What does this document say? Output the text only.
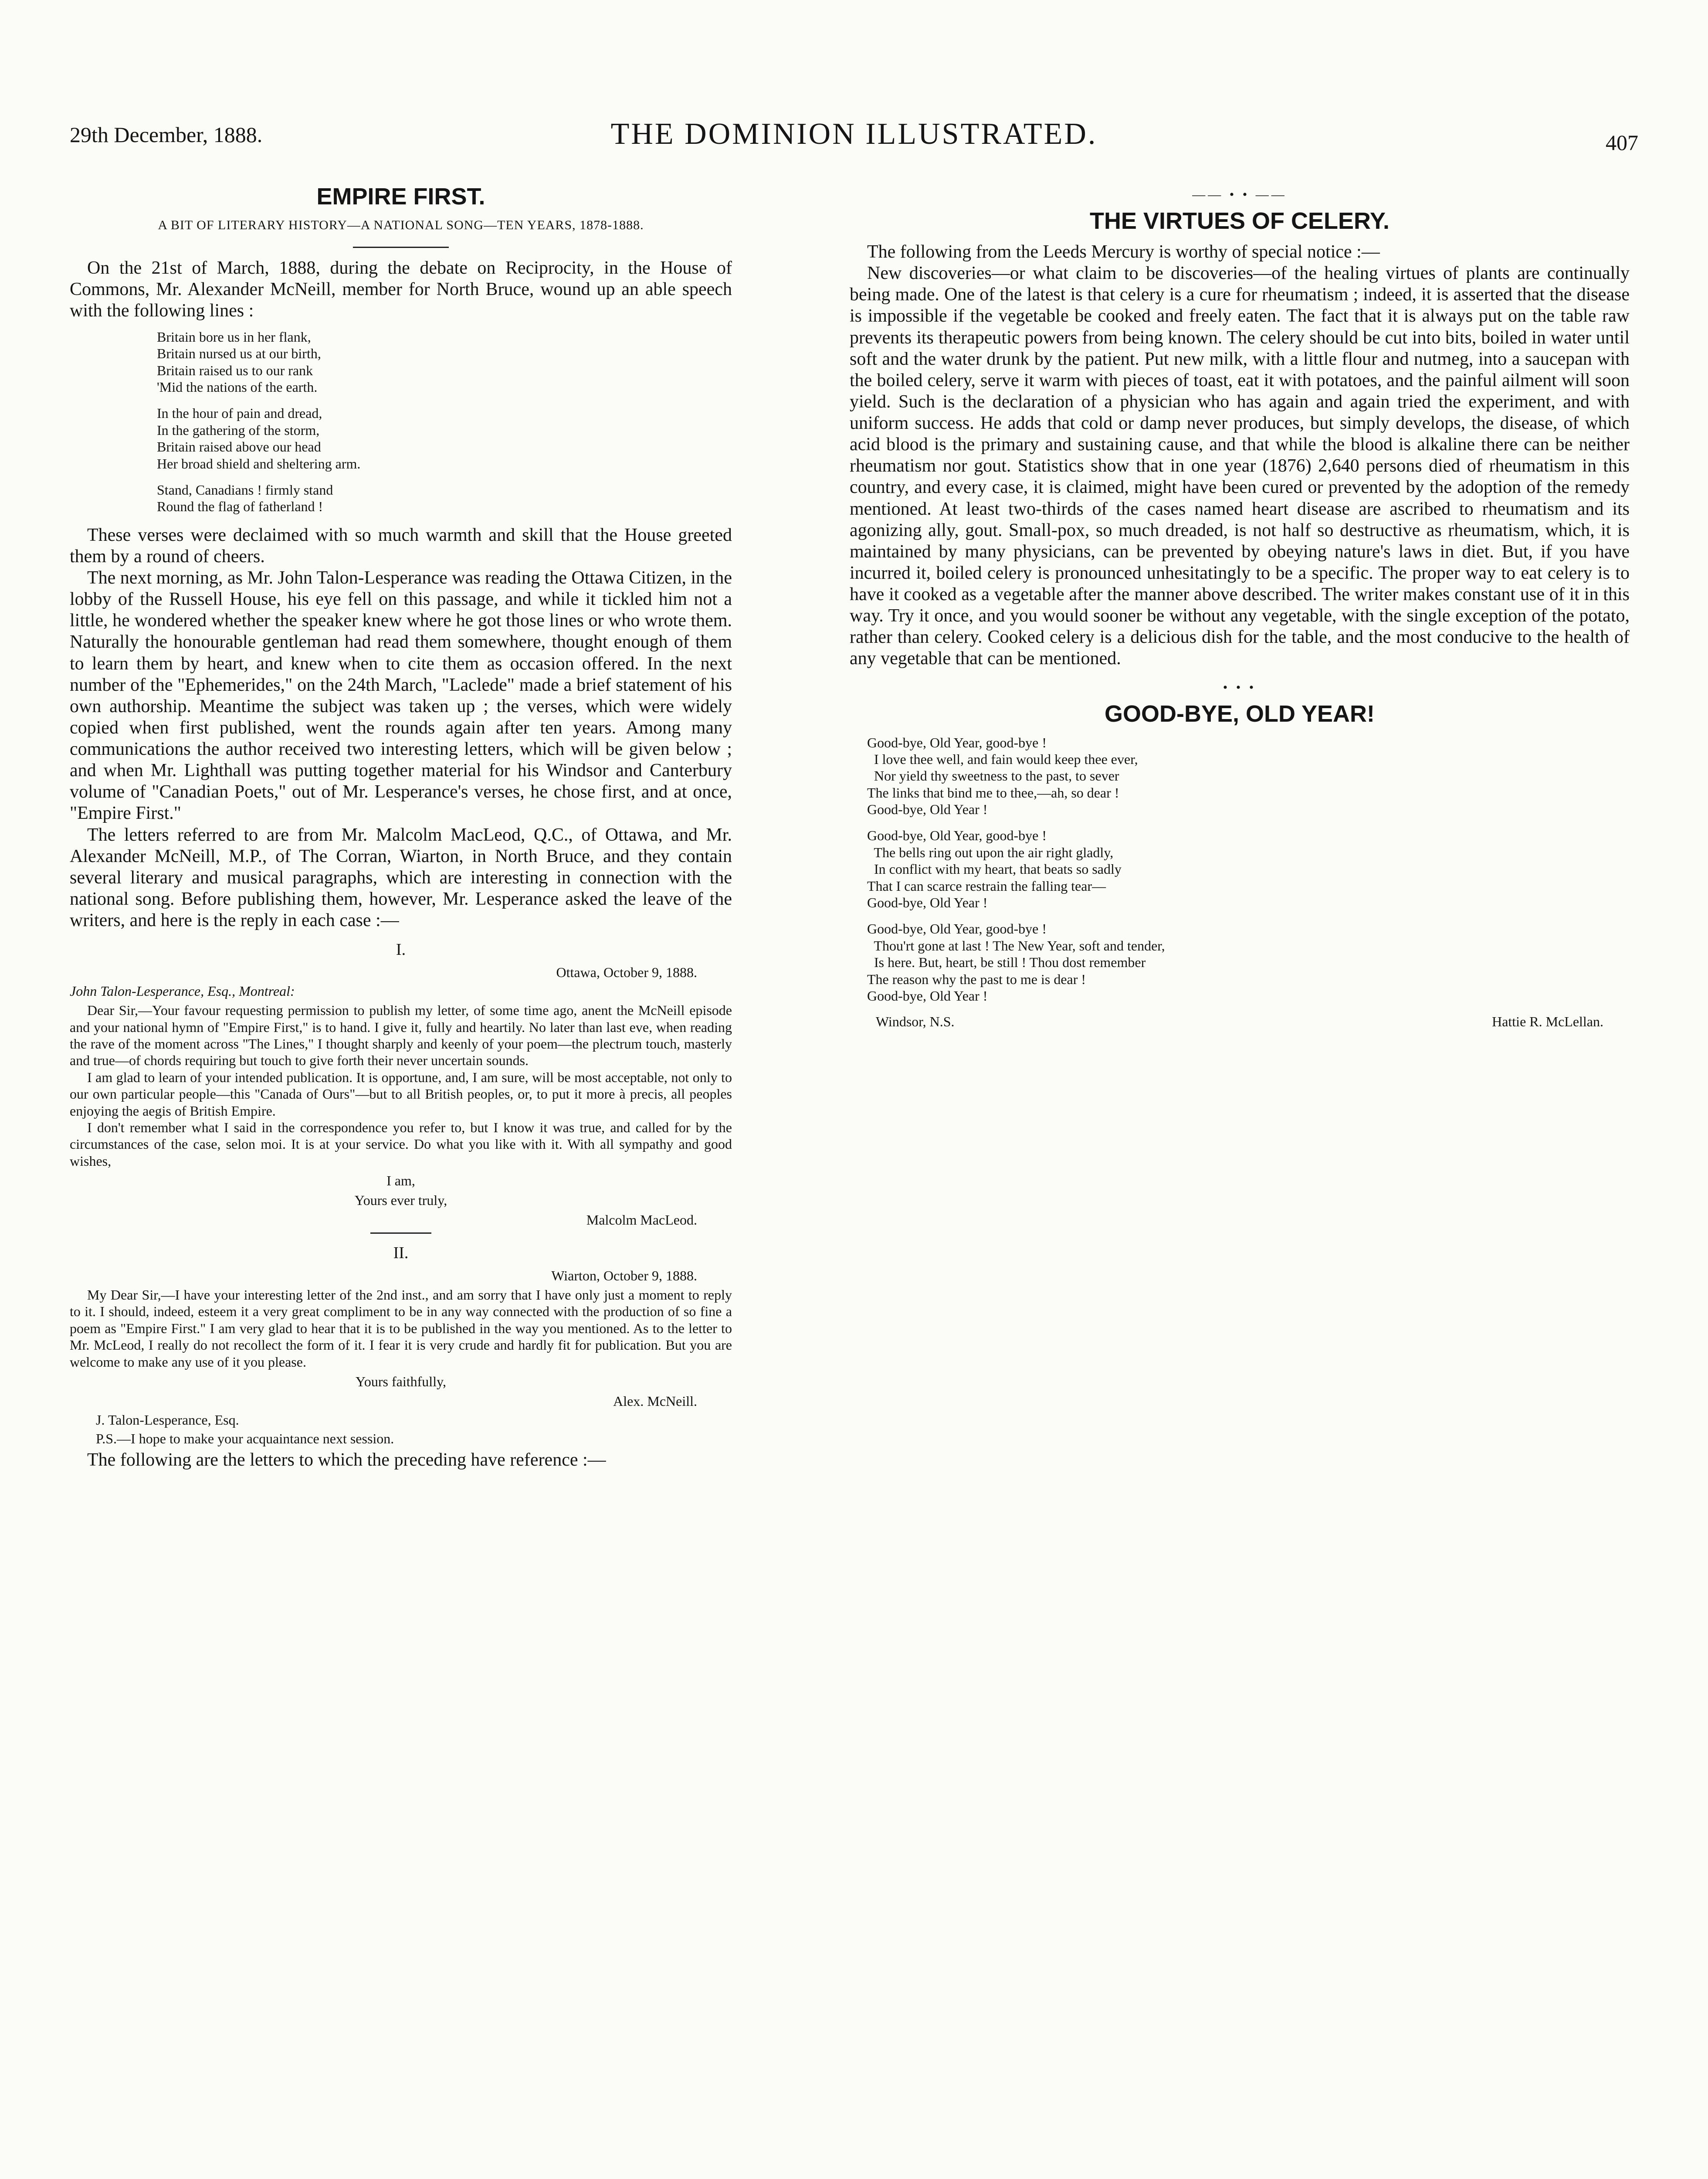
29th December, 1888.	THE DOMINION ILLUSTRATED.	407
EMPIRE FIRST.
A BIT OF LITERARY HISTORY—A NATIONAL SONG—TEN YEARS, 1878-1888.

On the 21st of March, 1888, during the debate on Reciprocity, in the House of Commons, Mr. Alexander McNeill, member for North Bruce, wound up an able speech with the following lines :

Britain bore us in her flank,
Britain nursed us at our birth,
Britain raised us to our rank
'Mid the nations of the earth.
In the hour of pain and dread,
In the gathering of the storm,
Britain raised above our head
Her broad shield and sheltering arm.
Stand, Canadians ! firmly stand
Round the flag of fatherland !

These verses were declaimed with so much warmth and skill that the House greeted them by a round of cheers.

The next morning, as Mr. John Talon-Lesperance was reading the Ottawa Citizen, in the lobby of the Russell House, his eye fell on this passage, and while it tickled him not a little, he wondered whether the speaker knew where he got those lines or who wrote them. Naturally the honourable gentleman had read them somewhere, thought enough of them to learn them by heart, and knew when to cite them as occasion offered. In the next number of the "Ephemerides," on the 24th March, "Laclede" made a brief statement of his own authorship. Meantime the subject was taken up ; the verses, which were widely copied when first published, went the rounds again after ten years. Among many communications the author received two interesting letters, which will be given below ; and when Mr. Lighthall was putting together material for his Windsor and Canterbury volume of "Canadian Poets," out of Mr. Lesperance's verses, he chose first, and at once, "Empire First."

The letters referred to are from Mr. Malcolm MacLeod, Q.C., of Ottawa, and Mr. Alexander McNeill, M.P., of The Corran, Wiarton, in North Bruce, and they contain several literary and musical paragraphs, which are interesting in connection with the national song. Before publishing them, however, Mr. Lesperance asked the leave of the writers, and here is the reply in each case :—

I.
Ottawa, October 9, 1888.
John Talon-Lesperance, Esq., Montreal:

Dear Sir,—Your favour requesting permission to publish my letter, of some time ago, anent the McNeill episode and your national hymn of "Empire First," is to hand. I give it, fully and heartily. No later than last eve, when reading the rave of the moment across "The Lines," I thought sharply and keenly of your poem—the plectrum touch, masterly and true—of chords requiring but touch to give forth their never uncertain sounds.

I am glad to learn of your intended publication. It is opportune, and, I am sure, will be most acceptable, not only to our own particular people—this "Canada of Ours"—but to all British peoples, or, to put it more à precis, all peoples enjoying the aegis of British Empire.

I don't remember what I said in the correspondence you refer to, but I know it was true, and called for by the circumstances of the case, selon moi. It is at your service. Do what you like with it. With all sympathy and good wishes,

I am,
Yours ever truly,
Malcolm MacLeod.
II.
Wiarton, October 9, 1888.

My Dear Sir,—I have your interesting letter of the 2nd inst., and am sorry that I have only just a moment to reply to it. I should, indeed, esteem it a very great compliment to be in any way connected with the production of so fine a poem as "Empire First." I am very glad to hear that it is to be published in the way you mentioned. As to the letter to Mr. McLeod, I really do not recollect the form of it. I fear it is very crude and hardly fit for publication. But you are welcome to make any use of it you please.

Yours faithfully,
Alex. McNeill.
J. Talon-Lesperance, Esq.
P.S.—I hope to make your acquaintance next session.

The following are the letters to which the preceding have reference :—

—— • • ——
THE VIRTUES OF CELERY.

The following from the Leeds Mercury is worthy of special notice :—

New discoveries—or what claim to be discoveries—of the healing virtues of plants are continually being made. One of the latest is that celery is a cure for rheumatism ; indeed, it is asserted that the disease is impossible if the vegetable be cooked and freely eaten. The fact that it is always put on the table raw prevents its therapeutic powers from being known. The celery should be cut into bits, boiled in water until soft and the water drunk by the patient. Put new milk, with a little flour and nutmeg, into a saucepan with the boiled celery, serve it warm with pieces of toast, eat it with potatoes, and the painful ailment will soon yield. Such is the declaration of a physician who has again and again tried the experiment, and with uniform success. He adds that cold or damp never produces, but simply develops, the disease, of which acid blood is the primary and sustaining cause, and that while the blood is alkaline there can be neither rheumatism nor gout. Statistics show that in one year (1876) 2,640 persons died of rheumatism in this country, and every case, it is claimed, might have been cured or prevented by the adoption of the remedy mentioned. At least two-thirds of the cases named heart disease are ascribed to rheumatism and its agonizing ally, gout. Small-pox, so much dreaded, is not half so destructive as rheumatism, which, it is maintained by many physicians, can be prevented by obeying nature's laws in diet. But, if you have incurred it, boiled celery is pronounced unhesitatingly to be a specific. The proper way to eat celery is to have it cooked as a vegetable after the manner above described. The writer makes constant use of it in this way. Try it once, and you would sooner be without any vegetable, with the single exception of the potato, rather than celery. Cooked celery is a delicious dish for the table, and the most conducive to the health of any vegetable that can be mentioned.

• • •
GOOD-BYE, OLD YEAR!
Good-bye, Old Year, good-bye !
I love thee well, and fain would keep thee ever,
Nor yield thy sweetness to the past, to sever
The links that bind me to thee,—ah, so dear !
Good-bye, Old Year !
Good-bye, Old Year, good-bye !
The bells ring out upon the air right gladly,
In conflict with my heart, that beats so sadly
That I can scarce restrain the falling tear—
Good-bye, Old Year !
Good-bye, Old Year, good-bye !
Thou'rt gone at last ! The New Year, soft and tender,
Is here. But, heart, be still ! Thou dost remember
The reason why the past to me is dear !
Good-bye, Old Year !
Windsor, N.S.	Hattie R. McLellan.
